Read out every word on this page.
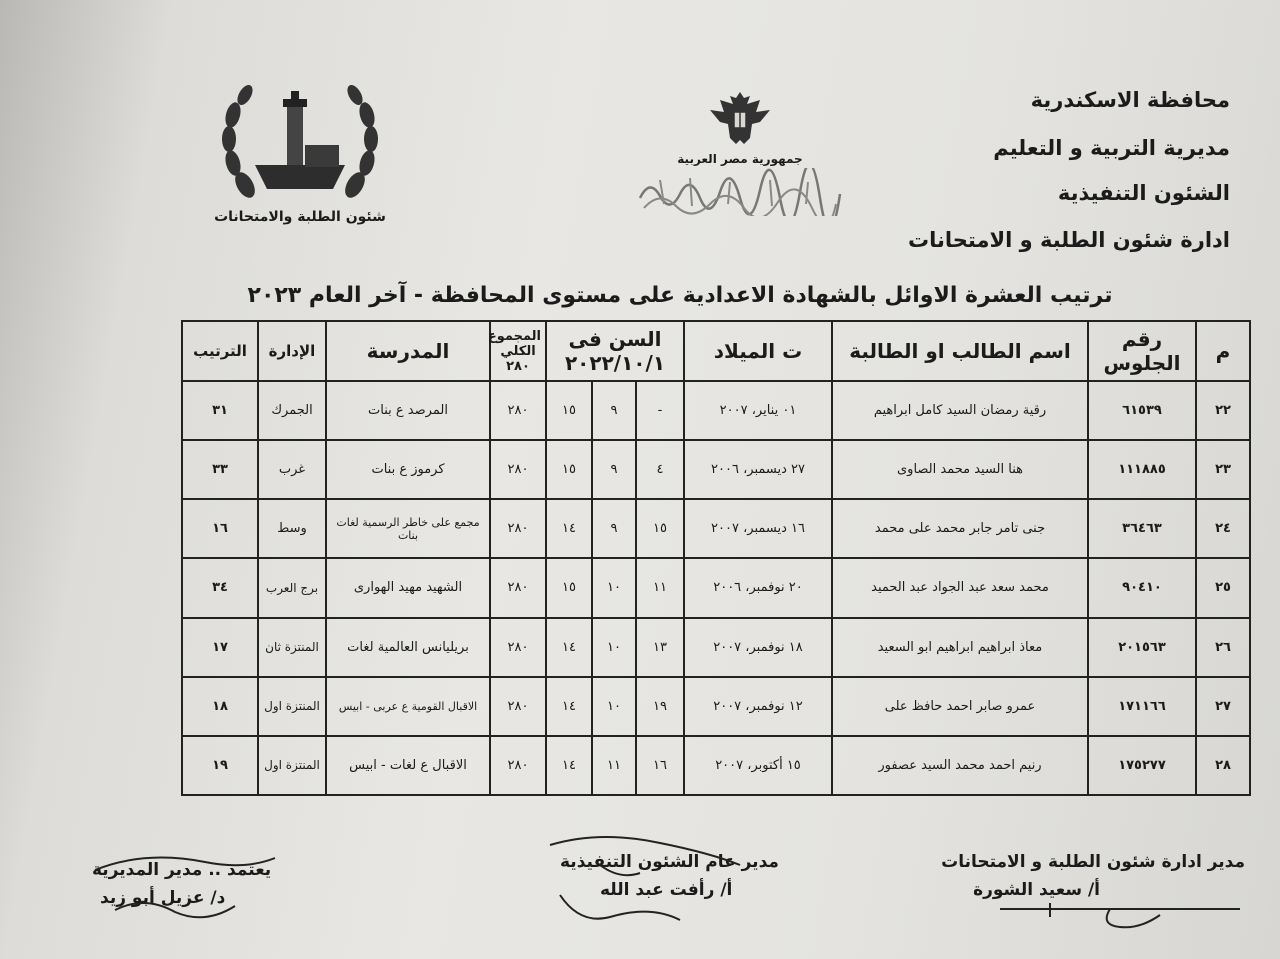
محافظة الاسكندرية
مديرية التربية و التعليم
الشئون التنفيذية
ادارة شئون الطلبة و الامتحانات
جمهورية مصر العربية
شئون الطلبة والامتحانات
ترتيب العشرة الاوائل بالشهادة الاعدادية على مستوى المحافظة - آخر العام ٢٠٢٣
م	رقم الجلوس	اسم الطالب او الطالبة	ت الميلاد	السن فى ٢٠٢٢/١٠/١			المجموع الكلي ٢٨٠	المدرسة	الإدارة	الترتيب
٢٢	٦١٥٣٩	رقية رمضان السيد كامل ابراهيم	٠١ يناير، ٢٠٠٧	-	٩	١٥	٢٨٠	المرصد ع بنات	الجمرك	٣١
٢٣	١١١٨٨٥	هنا السيد محمد الصاوى	٢٧ ديسمبر، ٢٠٠٦	٤	٩	١٥	٢٨٠	كرموز ع بنات	غرب	٣٣
٢٤	٣٦٤٦٣	جنى تامر جابر محمد على محمد	١٦ ديسمبر، ٢٠٠٧	١٥	٩	١٤	٢٨٠	مجمع على خاطر الرسمية لغات بنات	وسط	١٦
٢٥	٩٠٤١٠	محمد سعد عبد الجواد عبد الحميد	٢٠ نوفمبر، ٢٠٠٦	١١	١٠	١٥	٢٨٠	الشهيد مهيد الهوارى	برج العرب	٣٤
٢٦	٢٠١٥٦٣	معاذ ابراهيم ابراهيم ابو السعيد	١٨ نوفمبر، ٢٠٠٧	١٣	١٠	١٤	٢٨٠	بريليانس العالمية لغات	المنتزة ثان	١٧
٢٧	١٧١١٦٦	عمرو صابر احمد حافظ على	١٢ نوفمبر، ٢٠٠٧	١٩	١٠	١٤	٢٨٠	الاقبال القومية ع عربى - ابيس	المنتزة اول	١٨
٢٨	١٧٥٢٧٧	رنيم احمد محمد السيد عصفور	١٥ أكتوبر، ٢٠٠٧	١٦	١١	١٤	٢٨٠	الاقبال ع لغات - ابيس	المنتزة اول	١٩
مدير ادارة شئون الطلبة و الامتحانات
أ/ سعيد الشورة
مدير عام الشئون التنفيذية
أ/ رأفت عبد الله
يعتمد .. مدير المديرية
د/ عزيل أبو زيد
